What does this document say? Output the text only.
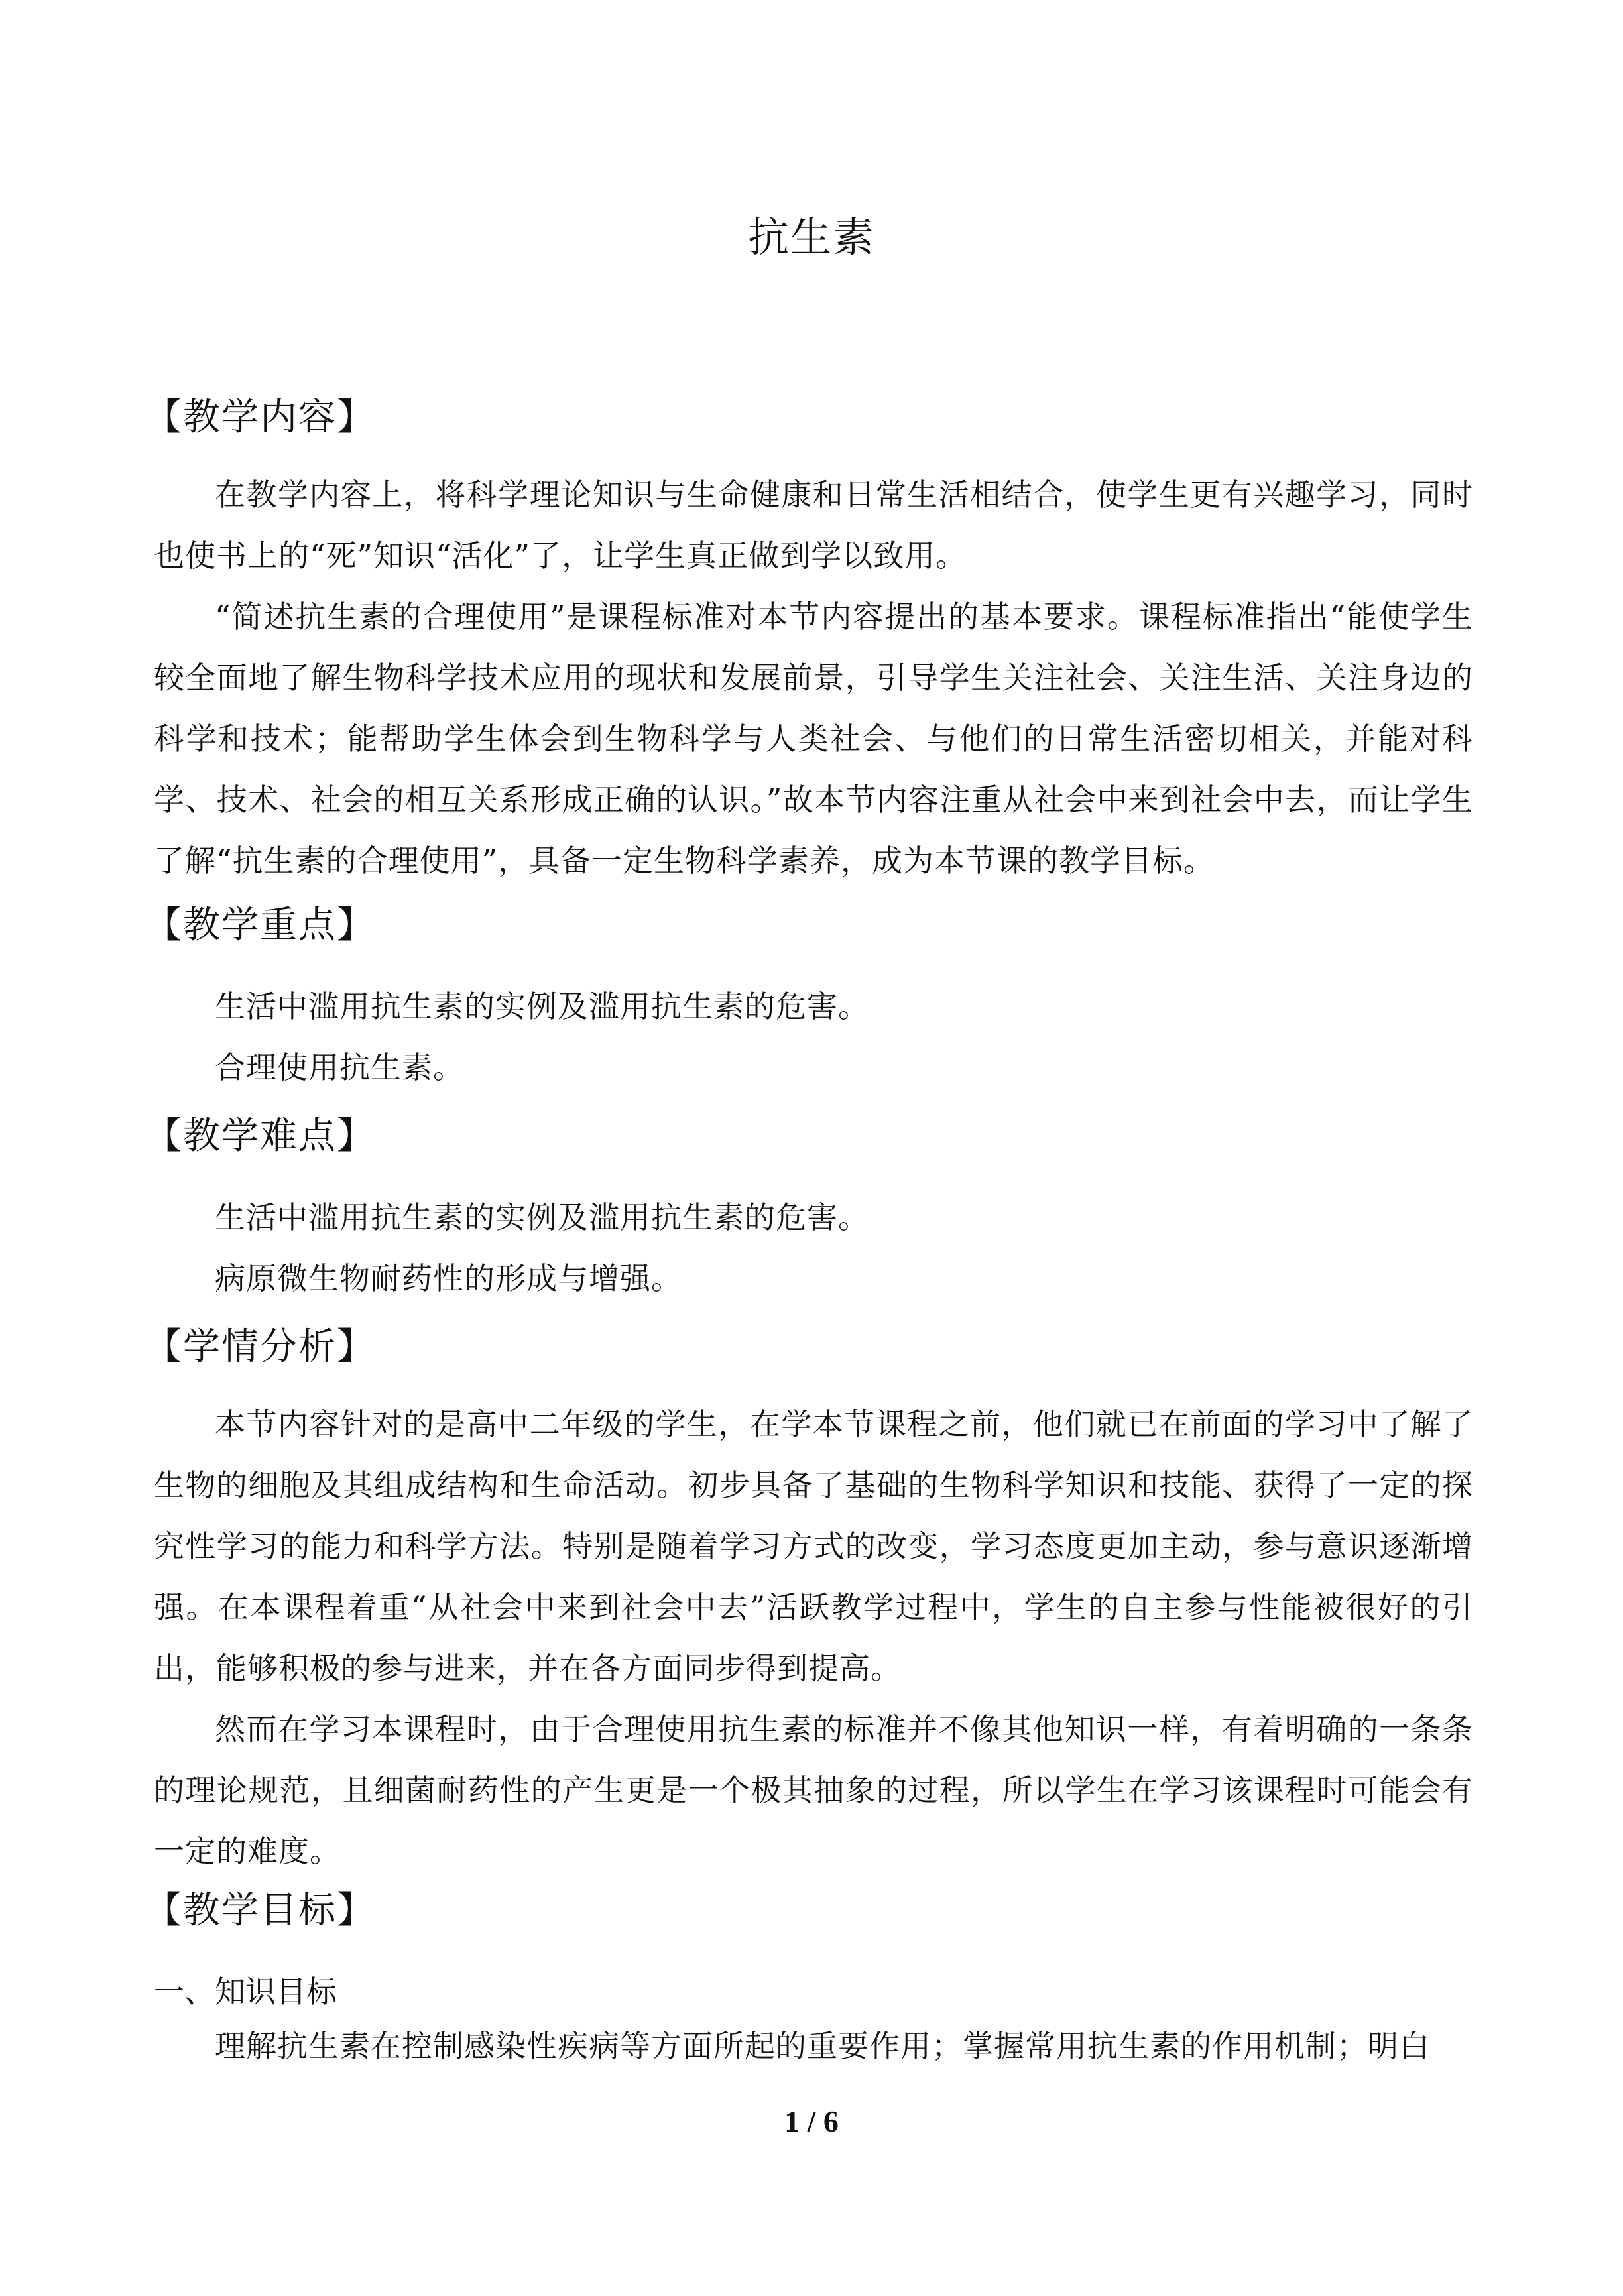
抗生素
【教学内容】
在教学内容上，将科学理论知识与生命健康和日常生活相结合，使学生更有兴趣学习，同时也使书上的“死”知识“活化”了，让学生真正做到学以致用。
“简述抗生素的合理使用”是课程标准对本节内容提出的基本要求。课程标准指出“能使学生较全面地了解生物科学技术应用的现状和发展前景，引导学生关注社会、关注生活、关注身边的科学和技术；能帮助学生体会到生物科学与人类社会、与他们的日常生活密切相关，并能对科学、技术、社会的相互关系形成正确的认识。”故本节内容注重从社会中来到社会中去，而让学生了解“抗生素的合理使用”，具备一定生物科学素养，成为本节课的教学目标。
【教学重点】
生活中滥用抗生素的实例及滥用抗生素的危害。
合理使用抗生素。
【教学难点】
生活中滥用抗生素的实例及滥用抗生素的危害。
病原微生物耐药性的形成与增强。
【学情分析】
本节内容针对的是高中二年级的学生，在学本节课程之前，他们就已在前面的学习中了解了生物的细胞及其组成结构和生命活动。初步具备了基础的生物科学知识和技能、获得了一定的探究性学习的能力和科学方法。特别是随着学习方式的改变，学习态度更加主动，参与意识逐渐增强。在本课程着重“从社会中来到社会中去”活跃教学过程中，学生的自主参与性能被很好的引出，能够积极的参与进来，并在各方面同步得到提高。
然而在学习本课程时，由于合理使用抗生素的标准并不像其他知识一样，有着明确的一条条的理论规范，且细菌耐药性的产生更是一个极其抽象的过程，所以学生在学习该课程时可能会有一定的难度。
【教学目标】
一、知识目标
理解抗生素在控制感染性疾病等方面所起的重要作用；掌握常用抗生素的作用机制；明白
1 / 6
